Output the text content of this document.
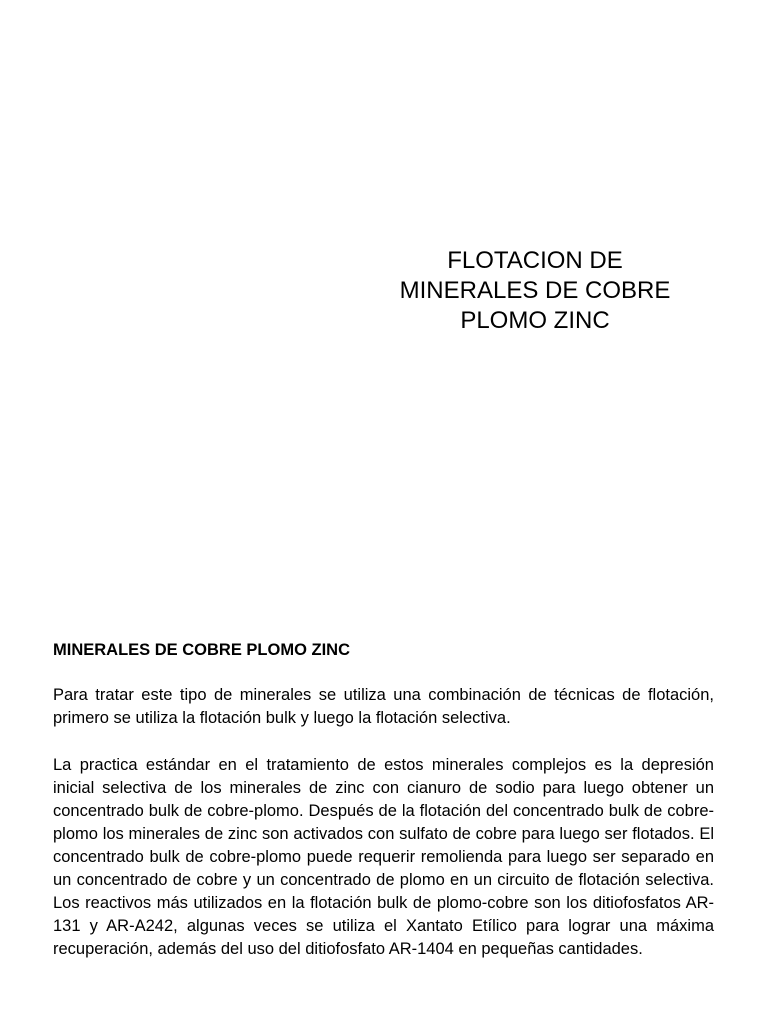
FLOTACION DE
MINERALES DE COBRE
PLOMO ZINC
MINERALES DE COBRE PLOMO ZINC

Para tratar este tipo de minerales se utiliza una combinación de técnicas de flotación, primero se utiliza la flotación bulk y luego la flotación selectiva.

La practica estándar en el tratamiento de estos minerales complejos es la depresión inicial selectiva de los minerales de zinc con cianuro de sodio para luego obtener un concentrado bulk de cobre-plomo. Después de la flotación del concentrado bulk de cobre-plomo los minerales de zinc son activados con sulfato de cobre para luego ser flotados. El concentrado bulk de cobre-plomo puede requerir remolienda para luego ser separado en un concentrado de cobre y un concentrado de plomo en un circuito de flotación selectiva. Los reactivos más utilizados en la flotación bulk de plomo-cobre son los ditiofosfatos AR-131 y AR-A242, algunas veces se utiliza el Xantato Etílico para lograr una máxima recuperación, además del uso del ditiofosfato AR-1404 en pequeñas cantidades.
